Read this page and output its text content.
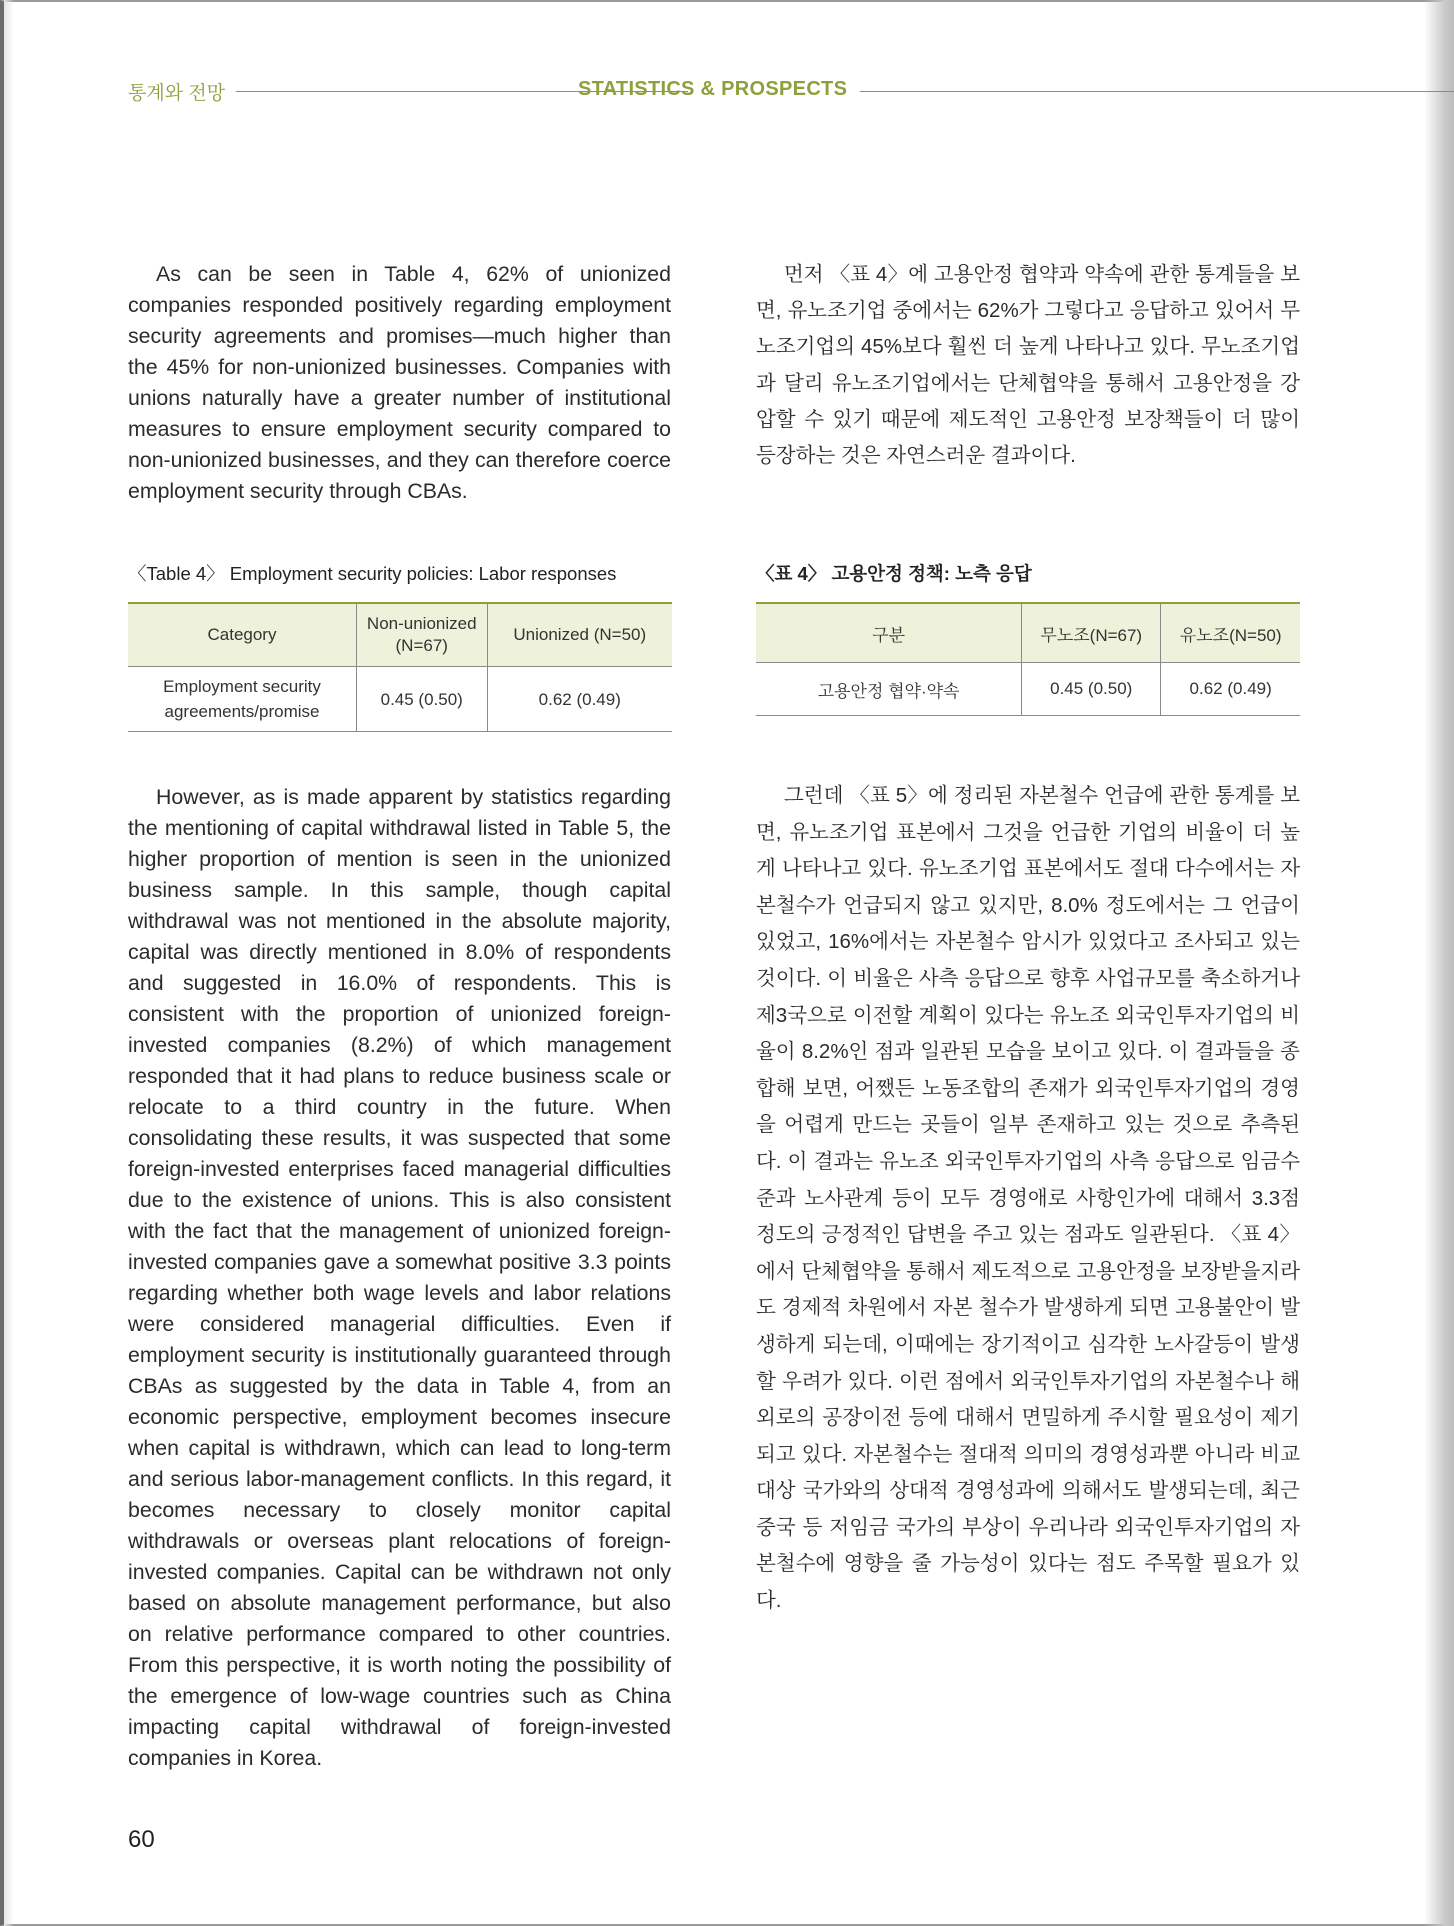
통계와 전망	STATISTICS & PROSPECTS

As can be seen in Table 4, 62% of unionized companies responded positively regarding employment security agreements and promises—much higher than the 45% for non-unionized businesses. Companies with unions naturally have a greater number of institutional measures to ensure employment security compared to non-unionized businesses, and they can therefore coerce employment security through CBAs.

먼저 〈표 4〉에 고용안정 협약과 약속에 관한 통계들을 보면, 유노조기업 중에서는 62%가 그렇다고 응답하고 있어서 무노조기업의 45%보다 훨씬 더 높게 나타나고 있다. 무노조기업과 달리 유노조기업에서는 단체협약을 통해서 고용안정을 강압할 수 있기 때문에 제도적인 고용안정 보장책들이 더 많이 등장하는 것은 자연스러운 결과이다.

〈Table 4〉 Employment security policies: Labor responses	〈표 4〉 고용안정 정책: 노측 응답
Category	Non-unionized (N=67)	Unionized (N=50)
Employment security agreements/promise	0.45 (0.50)	0.62 (0.49)
구분	무노조(N=67)	유노조(N=50)
고용안정 협약·약속	0.45 (0.50)	0.62 (0.49)

However, as is made apparent by statistics regarding the mentioning of capital withdrawal listed in Table 5, the higher proportion of mention is seen in the unionized business sample. In this sample, though capital withdrawal was not mentioned in the absolute majority, capital was directly mentioned in 8.0% of respondents and suggested in 16.0% of respondents. This is consistent with the proportion of unionized foreign-invested companies (8.2%) of which management responded that it had plans to reduce business scale or relocate to a third country in the future. When consolidating these results, it was suspected that some foreign-invested enterprises faced managerial difficulties due to the existence of unions. This is also consistent with the fact that the management of unionized foreign-invested companies gave a somewhat positive 3.3 points regarding whether both wage levels and labor relations were considered managerial difficulties. Even if employment security is institutionally guaranteed through CBAs as suggested by the data in Table 4, from an economic perspective, employment becomes insecure when capital is withdrawn, which can lead to long-term and serious labor-management conflicts. In this regard, it becomes necessary to closely monitor capital withdrawals or overseas plant relocations of foreign-invested companies. Capital can be withdrawn not only based on absolute management performance, but also on relative performance compared to other countries. From this perspective, it is worth noting the possibility of the emergence of low-wage countries such as China impacting capital withdrawal of foreign-invested companies in Korea.

그런데 〈표 5〉에 정리된 자본철수 언급에 관한 통계를 보면, 유노조기업 표본에서 그것을 언급한 기업의 비율이 더 높게 나타나고 있다. 유노조기업 표본에서도 절대 다수에서는 자본철수가 언급되지 않고 있지만, 8.0% 정도에서는 그 언급이 있었고, 16%에서는 자본철수 암시가 있었다고 조사되고 있는 것이다. 이 비율은 사측 응답으로 향후 사업규모를 축소하거나 제3국으로 이전할 계획이 있다는 유노조 외국인투자기업의 비율이 8.2%인 점과 일관된 모습을 보이고 있다. 이 결과들을 종합해 보면, 어쨌든 노동조합의 존재가 외국인투자기업의 경영을 어렵게 만드는 곳들이 일부 존재하고 있는 것으로 추측된다. 이 결과는 유노조 외국인투자기업의 사측 응답으로 임금수준과 노사관계 등이 모두 경영애로 사항인가에 대해서 3.3점 정도의 긍정적인 답변을 주고 있는 점과도 일관된다. 〈표 4〉에서 단체협약을 통해서 제도적으로 고용안정을 보장받을지라도 경제적 차원에서 자본 철수가 발생하게 되면 고용불안이 발생하게 되는데, 이때에는 장기적이고 심각한 노사갈등이 발생할 우려가 있다. 이런 점에서 외국인투자기업의 자본철수나 해외로의 공장이전 등에 대해서 면밀하게 주시할 필요성이 제기되고 있다. 자본철수는 절대적 의미의 경영성과뿐 아니라 비교 대상 국가와의 상대적 경영성과에 의해서도 발생되는데, 최근 중국 등 저임금 국가의 부상이 우리나라 외국인투자기업의 자본철수에 영향을 줄 가능성이 있다는 점도 주목할 필요가 있다.

60
